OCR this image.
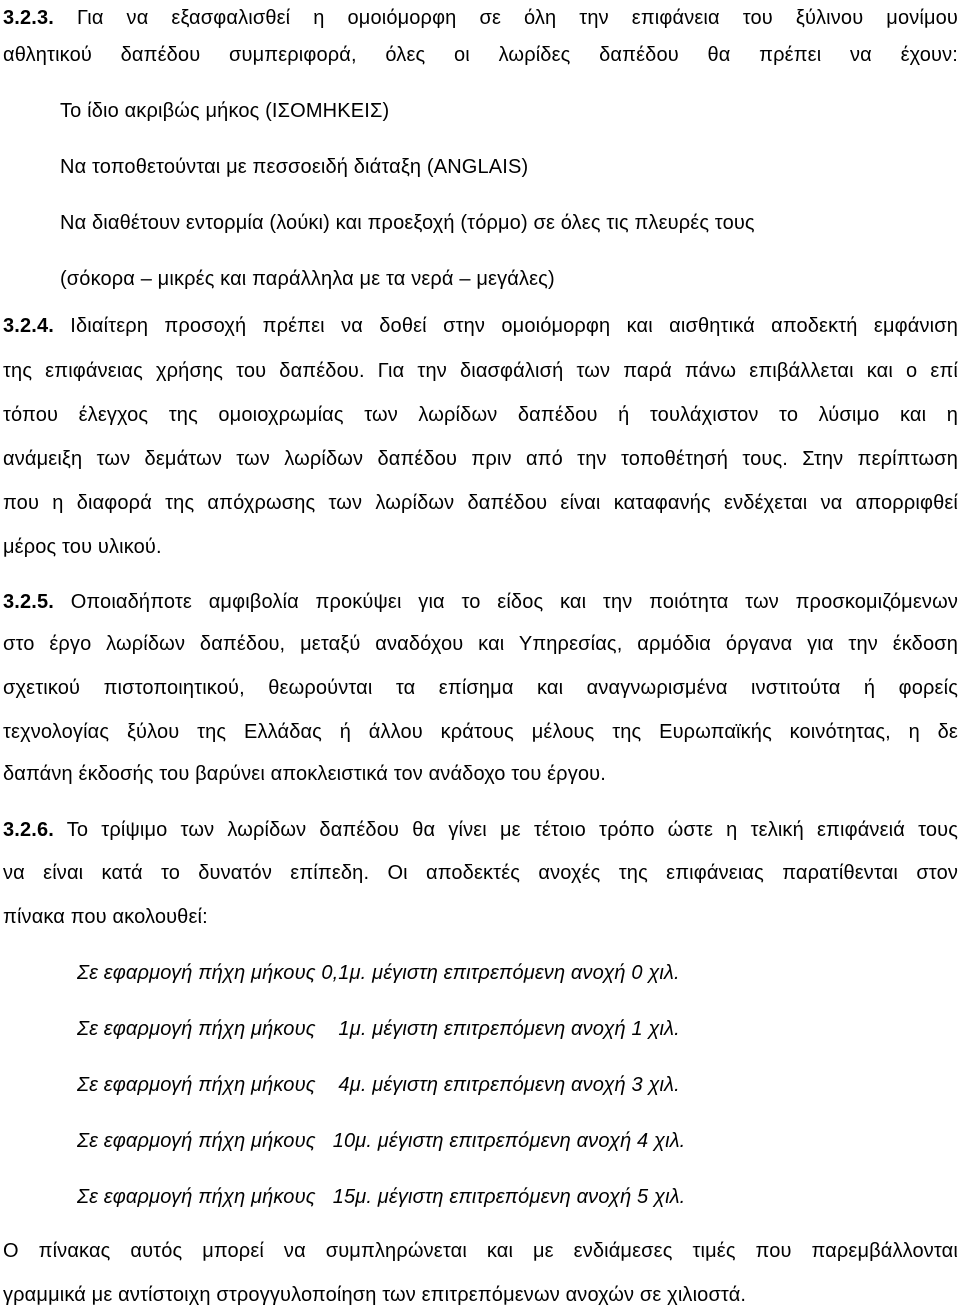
3.2.3. Για να εξασφαλισθεί η ομοιόμορφη σε όλη την επιφάνεια του ξύλινου μονίμου
αθλητικού δαπέδου συμπεριφορά, όλες οι λωρίδες δαπέδου θα πρέπει να έχουν:
Το ίδιο ακριβώς μήκος (ΙΣΟΜΗΚΕΙΣ)
Να τοποθετούνται με πεσσοειδή διάταξη (ANGLAIS)
Να διαθέτουν εντορμία (λούκι) και προεξοχή (τόρμο) σε όλες τις πλευρές τους
(σόκορα – μικρές και παράλληλα με τα νερά – μεγάλες)
3.2.4. Ιδιαίτερη προσοχή πρέπει να δοθεί στην ομοιόμορφη και αισθητικά αποδεκτή εμφάνιση
της επιφάνειας χρήσης του δαπέδου. Για την διασφάλισή των παρά πάνω επιβάλλεται και ο επί
τόπου έλεγχος της ομοιοχρωμίας των λωρίδων δαπέδου ή τουλάχιστον το λύσιμο και η
ανάμειξη των δεμάτων των λωρίδων δαπέδου πριν από την τοποθέτησή τους. Στην περίπτωση
που η διαφορά της απόχρωσης των λωρίδων δαπέδου είναι καταφανής ενδέχεται να απορριφθεί
μέρος του υλικού.
3.2.5. Οποιαδήποτε αμφιβολία προκύψει για το είδος και την ποιότητα των προσκομιζόμενων
στο έργο λωρίδων δαπέδου, μεταξύ αναδόχου και Υπηρεσίας, αρμόδια όργανα για την έκδοση
σχετικού πιστοποιητικού, θεωρούνται τα επίσημα και αναγνωρισμένα ινστιτούτα ή φορείς
τεχνολογίας ξύλου της Ελλάδας ή άλλου κράτους μέλους της Ευρωπαϊκής κοινότητας, η δε
δαπάνη έκδοσής του βαρύνει αποκλειστικά τον ανάδοχο του έργου.
3.2.6. Το τρίψιμο των λωρίδων δαπέδου θα γίνει με τέτοιο τρόπο ώστε η τελική επιφάνειά τους
να είναι κατά το δυνατόν επίπεδη. Οι αποδεκτές ανοχές της επιφάνειας παρατίθενται στον
πίνακα που ακολουθεί:
Σε εφαρμογή πήχη μήκους 0,1μ. μέγιστη επιτρεπόμενη ανοχή 0 χιλ.
Σε εφαρμογή πήχη μήκους    1μ. μέγιστη επιτρεπόμενη ανοχή 1 χιλ.
Σε εφαρμογή πήχη μήκους    4μ. μέγιστη επιτρεπόμενη ανοχή 3 χιλ.
Σε εφαρμογή πήχη μήκους   10μ. μέγιστη επιτρεπόμενη ανοχή 4 χιλ.
Σε εφαρμογή πήχη μήκους   15μ. μέγιστη επιτρεπόμενη ανοχή 5 χιλ.
Ο πίνακας αυτός μπορεί να συμπληρώνεται και με ενδιάμεσες τιμές που παρεμβάλλονται
γραμμικά με αντίστοιχη στρογγυλοποίηση των επιτρεπόμενων ανοχών σε χιλιοστά.
